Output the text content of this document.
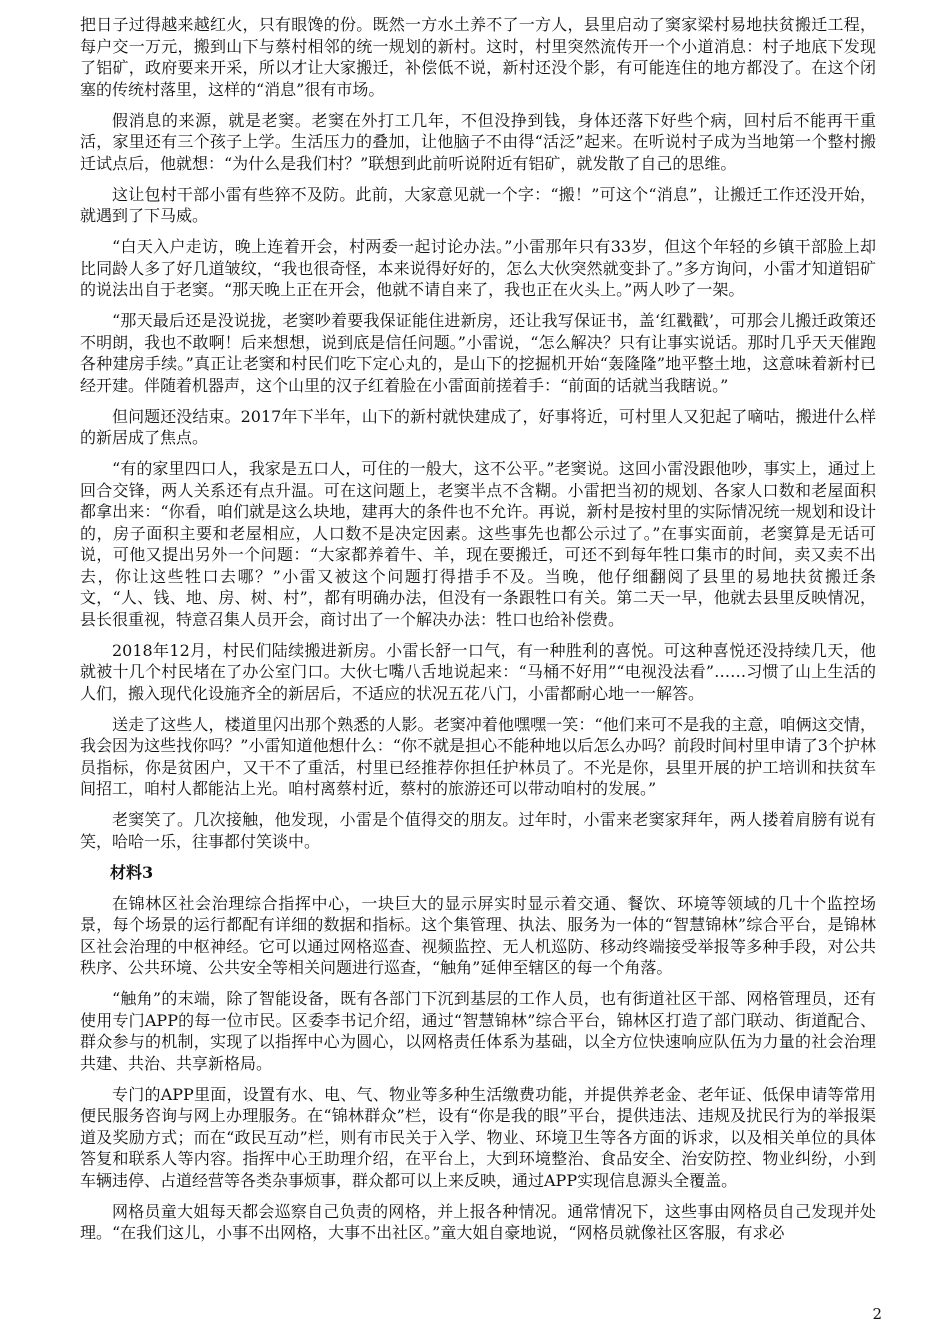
把日子过得越来越红火，只有眼馋的份。既然一方水土养不了一方人，县里启动了窦家梁村易地扶贫搬迁工程，每户交一万元，搬到山下与蔡村相邻的统一规划的新村。这时，村里突然流传开一个小道消息：村子地底下发现了铝矿，政府要来开采，所以才让大家搬迁，补偿低不说，新村还没个影，有可能连住的地方都没了。在这个闭塞的传统村落里，这样的“消息”很有市场。

假消息的来源，就是老窦。老窦在外打工几年，不但没挣到钱，身体还落下好些个病，回村后不能再干重活，家里还有三个孩子上学。生活压力的叠加，让他脑子不由得“活泛”起来。在听说村子成为当地第一个整村搬迁试点后，他就想：“为什么是我们村？”联想到此前听说附近有铝矿，就发散了自己的思维。

这让包村干部小雷有些猝不及防。此前，大家意见就一个字：“搬！”可这个“消息”，让搬迁工作还没开始，就遇到了下马威。

“白天入户走访，晚上连着开会，村两委一起讨论办法。”小雷那年只有33岁，但这个年轻的乡镇干部脸上却比同龄人多了好几道皱纹，“我也很奇怪，本来说得好好的，怎么大伙突然就变卦了。”多方询问，小雷才知道铝矿的说法出自于老窦。“那天晚上正在开会，他就不请自来了，我也正在火头上。”两人吵了一架。

“那天最后还是没说拢，老窦吵着要我保证能住进新房，还让我写保证书，盖‘红戳戳’，可那会儿搬迁政策还不明朗，我也不敢啊！后来想想，说到底是信任问题。”小雷说，“怎么解决？只有让事实说话。那时几乎天天催跑各种建房手续。”真正让老窦和村民们吃下定心丸的，是山下的挖掘机开始“轰隆隆”地平整土地，这意味着新村已经开建。伴随着机器声，这个山里的汉子红着脸在小雷面前搓着手：“前面的话就当我瞎说。”

但问题还没结束。2017年下半年，山下的新村就快建成了，好事将近，可村里人又犯起了嘀咕，搬进什么样的新居成了焦点。

“有的家里四口人，我家是五口人，可住的一般大，这不公平。”老窦说。这回小雷没跟他吵，事实上，通过上回合交锋，两人关系还有点升温。可在这问题上，老窦半点不含糊。小雷把当初的规划、各家人口数和老屋面积都拿出来：“你看，咱们就是这么块地，建再大的条件也不允许。再说，新村是按村里的实际情况统一规划和设计的，房子面积主要和老屋相应，人口数不是决定因素。这些事先也都公示过了。”在事实面前，老窦算是无话可说，可他又提出另外一个问题：“大家都养着牛、羊，现在要搬迁，可还不到每年牲口集市的时间，卖又卖不出去，你让这些牲口去哪？”小雷又被这个问题打得措手不及。当晚，他仔细翻阅了县里的易地扶贫搬迁条文，“人、钱、地、房、树、村”，都有明确办法，但没有一条跟牲口有关。第二天一早，他就去县里反映情况，县长很重视，特意召集人员开会，商讨出了一个解决办法：牲口也给补偿费。

2018年12月，村民们陆续搬进新房。小雷长舒一口气，有一种胜利的喜悦。可这种喜悦还没持续几天，他就被十几个村民堵在了办公室门口。大伙七嘴八舌地说起来：“马桶不好用”“电视没法看”……习惯了山上生活的人们，搬入现代化设施齐全的新居后，不适应的状况五花八门，小雷都耐心地一一解答。

送走了这些人，楼道里闪出那个熟悉的人影。老窦冲着他嘿嘿一笑：“他们来可不是我的主意，咱俩这交情，我会因为这些找你吗？”小雷知道他想什么：“你不就是担心不能种地以后怎么办吗？前段时间村里申请了3个护林员指标，你是贫困户，又干不了重活，村里已经推荐你担任护林员了。不光是你，县里开展的护工培训和扶贫车间招工，咱村人都能沾上光。咱村离蔡村近，蔡村的旅游还可以带动咱村的发展。”

老窦笑了。几次接触，他发现，小雷是个值得交的朋友。过年时，小雷来老窦家拜年，两人搂着肩膀有说有笑，哈哈一乐，往事都付笑谈中。

材料3

在锦林区社会治理综合指挥中心，一块巨大的显示屏实时显示着交通、餐饮、环境等领域的几十个监控场景，每个场景的运行都配有详细的数据和指标。这个集管理、执法、服务为一体的“智慧锦林”综合平台，是锦林区社会治理的中枢神经。它可以通过网格巡查、视频监控、无人机巡防、移动终端接受举报等多种手段，对公共秩序、公共环境、公共安全等相关问题进行巡查，“触角”延伸至辖区的每一个角落。

“触角”的末端，除了智能设备，既有各部门下沉到基层的工作人员，也有街道社区干部、网格管理员，还有使用专门APP的每一位市民。区委李书记介绍，通过“智慧锦林”综合平台，锦林区打造了部门联动、街道配合、群众参与的机制，实现了以指挥中心为圆心，以网格责任体系为基础，以全方位快速响应队伍为力量的社会治理共建、共治、共享新格局。

专门的APP里面，设置有水、电、气、物业等多种生活缴费功能，并提供养老金、老年证、低保申请等常用便民服务咨询与网上办理服务。在“锦林群众”栏，设有“你是我的眼”平台，提供违法、违规及扰民行为的举报渠道及奖励方式；而在“政民互动”栏，则有市民关于入学、物业、环境卫生等各方面的诉求，以及相关单位的具体答复和联系人等内容。指挥中心王助理介绍，在平台上，大到环境整治、食品安全、治安防控、物业纠纷，小到车辆违停、占道经营等各类杂事烦事，群众都可以上来反映，通过APP实现信息源头全覆盖。

网格员童大姐每天都会巡察自己负责的网格，并上报各种情况。通常情况下，这些事由网格员自己发现并处理。“在我们这儿，小事不出网格，大事不出社区。”童大姐自豪地说，“网格员就像社区客服，有求必

2
